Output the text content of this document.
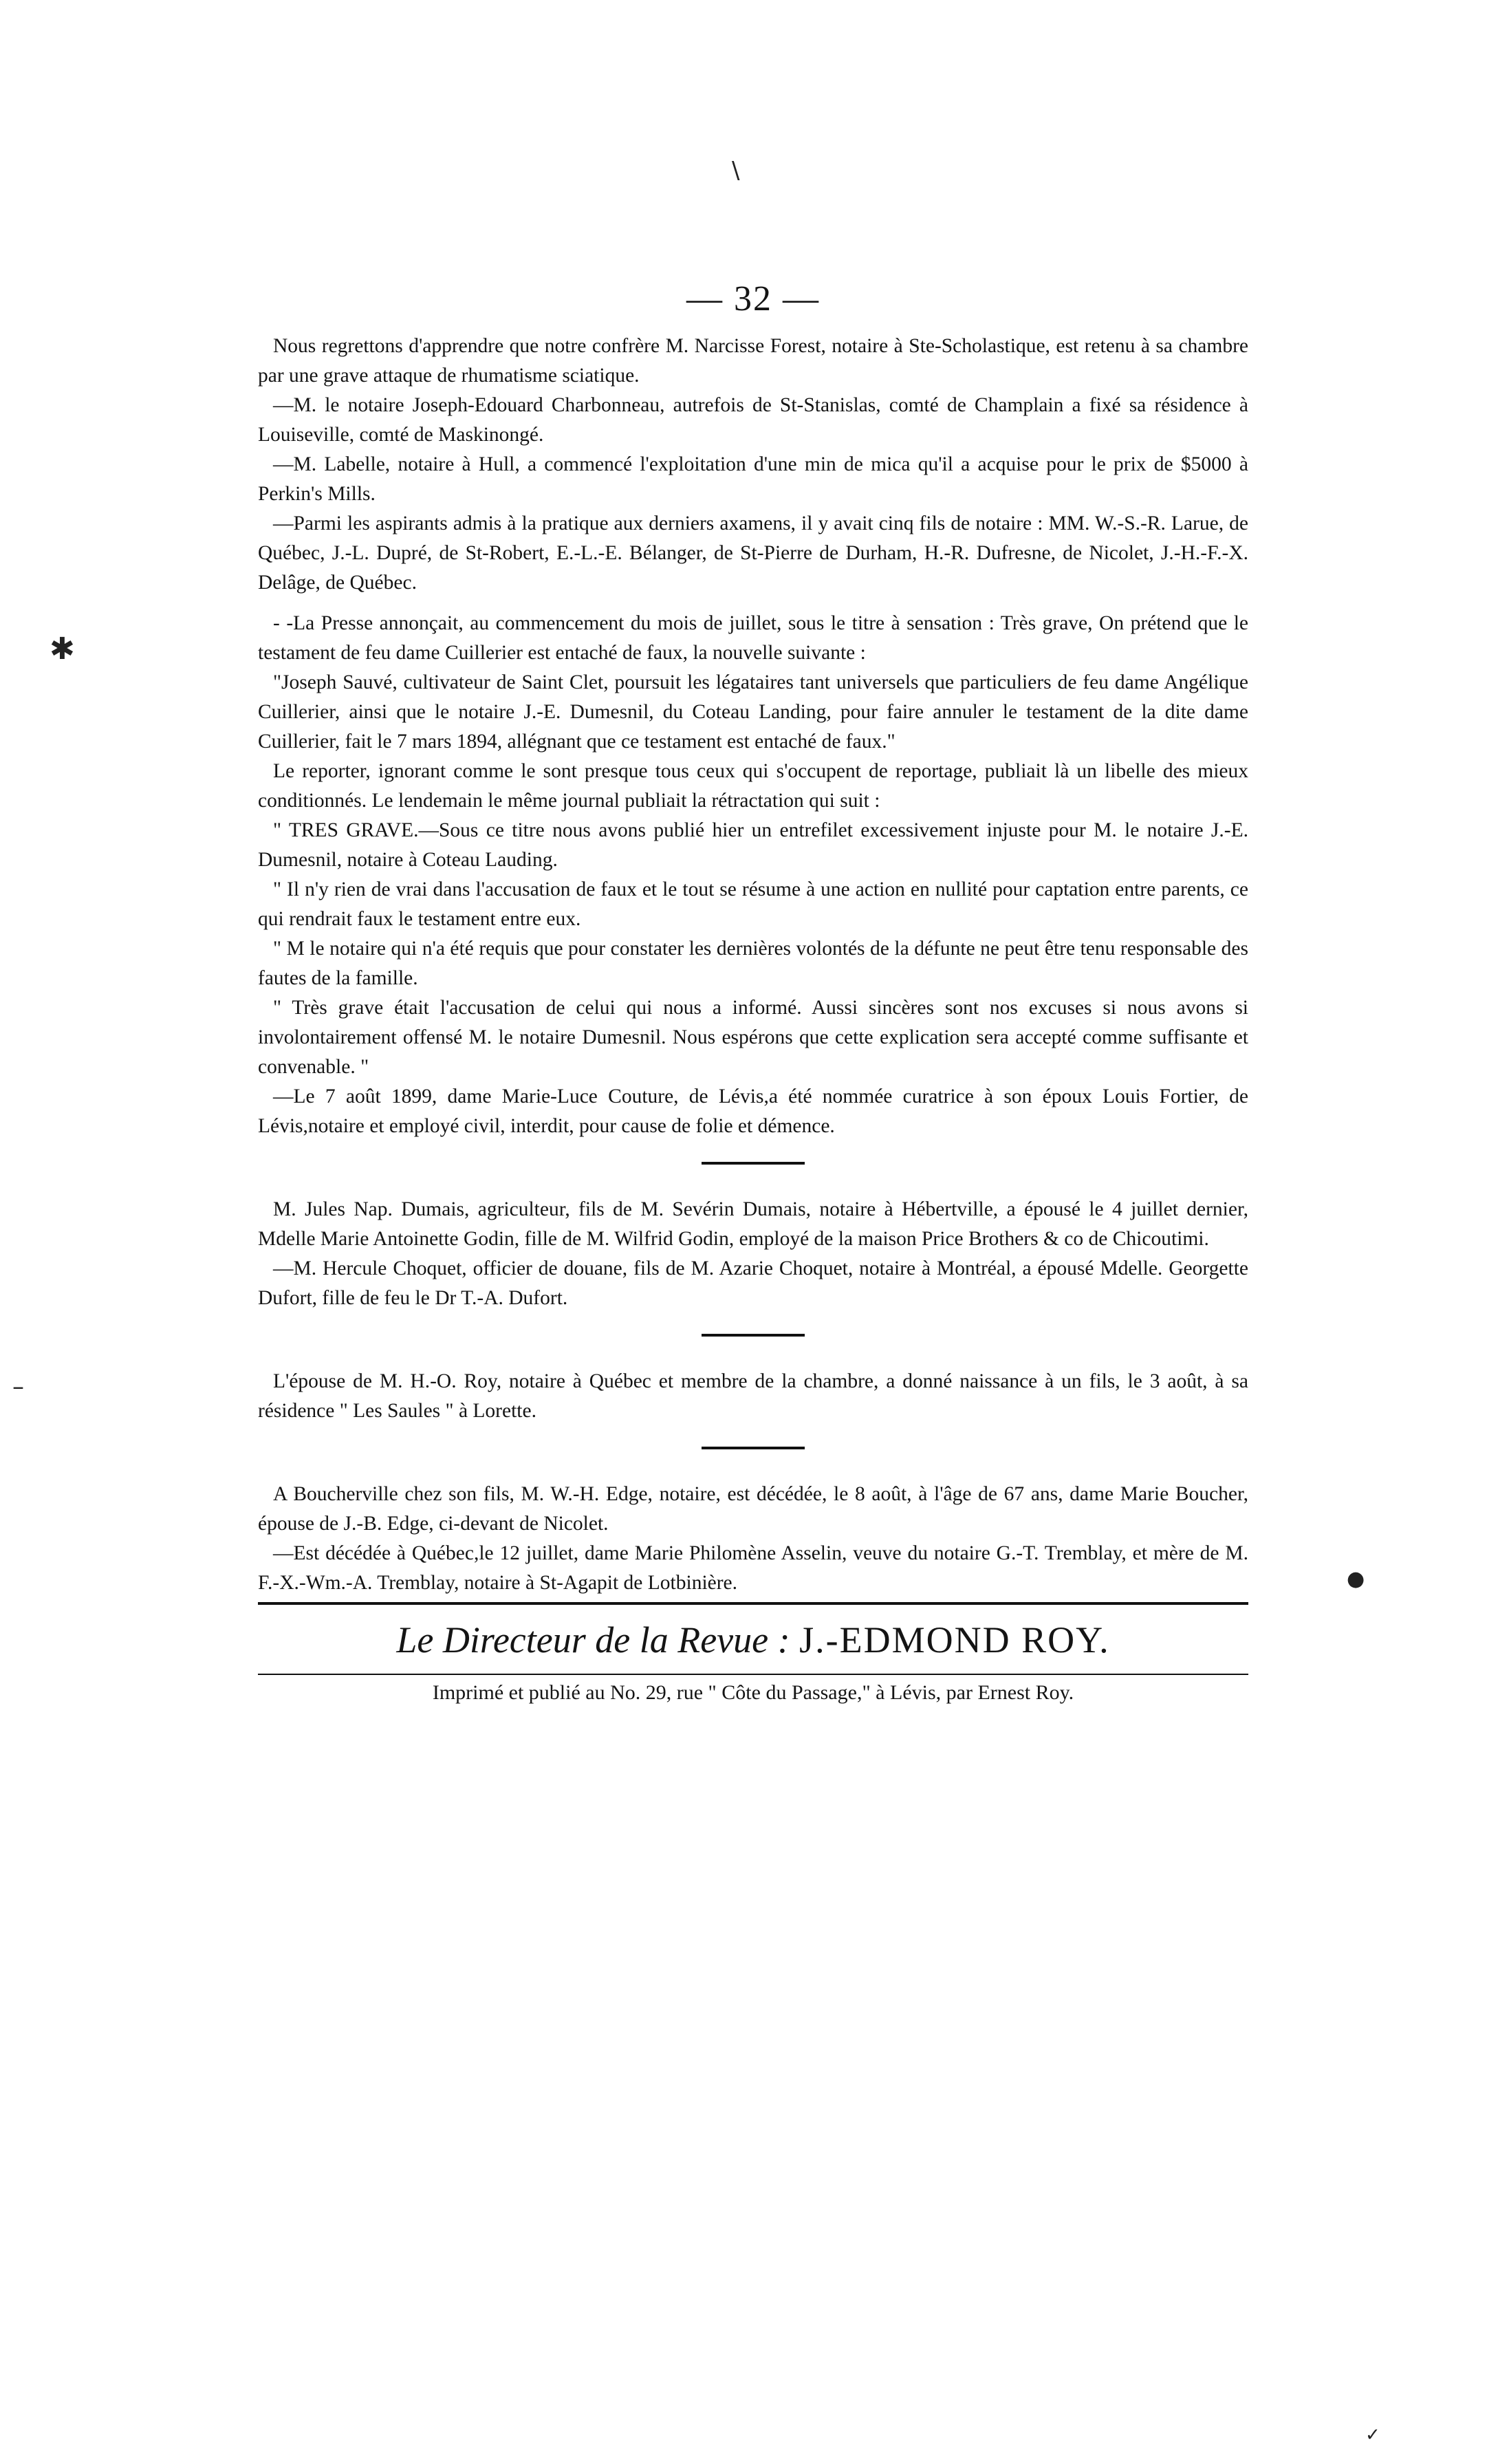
\
✱
–
●
✓
— 32 —

Nous regrettons d'apprendre que notre confrère M. Narcisse Forest, notaire à Ste-Scholastique, est retenu à sa chambre par une grave attaque de rhumatisme sciatique.

—M. le notaire Joseph-Edouard Charbonneau, autrefois de St-Stanislas, comté de Champlain a fixé sa résidence à Louiseville, comté de Maskinongé.

—M. Labelle, notaire à Hull, a commencé l'exploitation d'une min de mica qu'il a acquise pour le prix de $5000 à Perkin's Mills.

—Parmi les aspirants admis à la pratique aux derniers axamens, il y avait cinq fils de notaire : MM. W.-S.-R. Larue, de Québec, J.-L. Dupré, de St-Robert, E.-L.-E. Bélanger, de St-Pierre de Durham, H.-R. Dufresne, de Nicolet, J.-H.-F.-X. Delâge, de Québec.

- -La Presse annonçait, au commencement du mois de juillet, sous le titre à sensation : Très grave, On prétend que le testament de feu dame Cuillerier est entaché de faux, la nouvelle suivante :

"Joseph Sauvé, cultivateur de Saint Clet, poursuit les légataires tant universels que particuliers de feu dame Angélique Cuillerier, ainsi que le notaire J.-E. Dumesnil, du Coteau Landing, pour faire annuler le testament de la dite dame Cuillerier, fait le 7 mars 1894, allégnant que ce testament est entaché de faux."

Le reporter, ignorant comme le sont presque tous ceux qui s'occupent de reportage, publiait là un libelle des mieux conditionnés. Le lendemain le même journal publiait la rétractation qui suit :

" TRES GRAVE.—Sous ce titre nous avons publié hier un entrefilet excessivement injuste pour M. le notaire J.-E. Dumesnil, notaire à Coteau Lauding.

" Il n'y rien de vrai dans l'accusation de faux et le tout se résume à une action en nullité pour captation entre parents, ce qui rendrait faux le testament entre eux.

" M le notaire qui n'a été requis que pour constater les dernières volontés de la défunte ne peut être tenu responsable des fautes de la famille.

" Très grave était l'accusation de celui qui nous a informé. Aussi sincères sont nos excuses si nous avons si involontairement offensé M. le notaire Dumesnil. Nous espérons que cette explication sera accepté comme suffisante et convenable. "

—Le 7 août 1899, dame Marie-Luce Couture, de Lévis,a été nommée curatrice à son époux Louis Fortier, de Lévis,notaire et employé civil, interdit, pour cause de folie et démence.

M. Jules Nap. Dumais, agriculteur, fils de M. Sevérin Dumais, notaire à Hébertville, a épousé le 4 juillet dernier, Mdelle Marie Antoinette Godin, fille de M. Wilfrid Godin, employé de la maison Price Brothers & co de Chicoutimi.

—M. Hercule Choquet, officier de douane, fils de M. Azarie Choquet, notaire à Montréal, a épousé Mdelle. Georgette Dufort, fille de feu le Dr T.-A. Dufort.

L'épouse de M. H.-O. Roy, notaire à Québec et membre de la chambre, a donné naissance à un fils, le 3 août, à sa résidence " Les Saules " à Lorette.

A Boucherville chez son fils, M. W.-H. Edge, notaire, est décédée, le 8 août, à l'âge de 67 ans, dame Marie Boucher, épouse de J.-B. Edge, ci-devant de Nicolet.

—Est décédée à Québec,le 12 juillet, dame Marie Philomène Asselin, veuve du notaire G.-T. Tremblay, et mère de M. F.-X.-Wm.-A. Tremblay, notaire à St-Agapit de Lotbinière.

Le Directeur de la Revue : J.-EDMOND ROY.
Imprimé et publié au No. 29, rue " Côte du Passage," à Lévis, par Ernest Roy.
